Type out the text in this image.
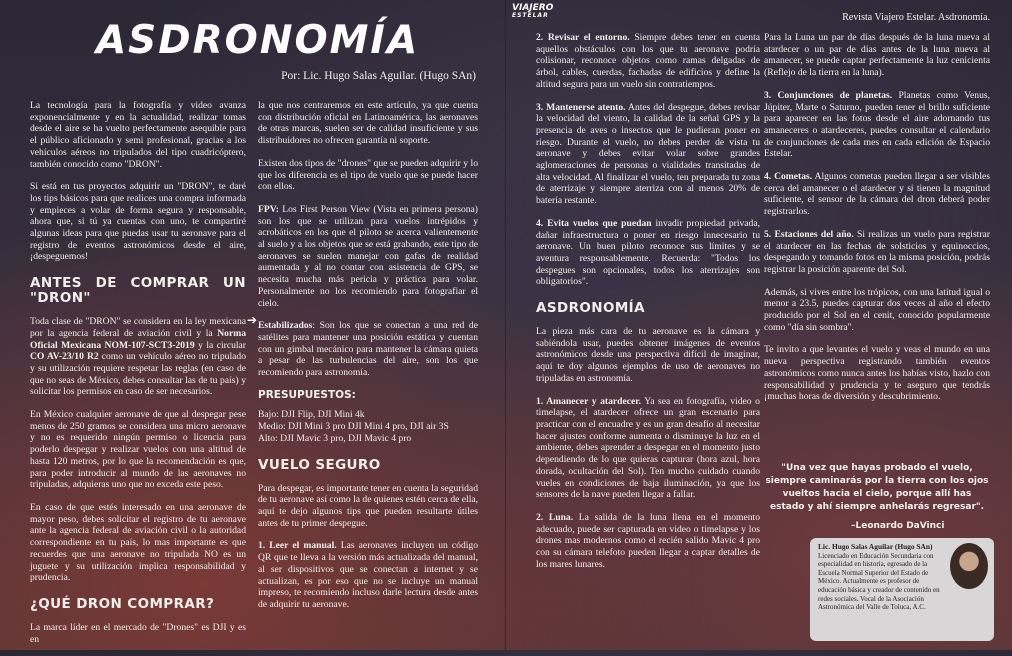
ASDRONOMÍA
Por: Lic. Hugo Salas Aguilar. (Hugo SAn)

La tecnología para la fotografía y video avanza exponencialmente y en la actualidad, realizar tomas desde el aire se ha vuelto perfectamente asequible para el público aficionado y semi profesional, gracias a los vehículos aéreos no tripulados del tipo cuadricóptero, también conocido como "DRON".

Si está en tus proyectos adquirir un "DRON", te daré los tips básicos para que realices una compra informada y empieces a volar de forma segura y responsable, ahora que, si tú ya cuentas con uno, te compartiré algunas ideas para que puedas usar tu aeronave para el registro de eventos astronómicos desde el aire, ¡despeguemos!

ANTES DE COMPRAR UN "DRON"

Toda clase de "DRON" se considera en la ley mexicana por la agencia federal de aviación civil y la Norma Oficial Mexicana NOM-107-SCT3-2019 y la circular CO AV-23/10 R2 como un vehículo aéreo no tripulado y su utilización requiere respetar las reglas (en caso de que no seas de México, debes consultar las de tu país) y solicitar los permisos en caso de ser necesarios.

En México cualquier aeronave de que al despegar pese menos de 250 gramos se considera una micro aeronave y no es requerido ningún permiso o licencia para poderlo despegar y realizar vuelos con una altitud de hasta 120 metros, por lo que la recomendación es que, para poder introducir al mundo de las aeronaves no tripuladas, adquieras uno que no exceda este peso.

En caso de que estés interesado en una aeronave de mayor peso, debes solicitar el registro de tu aeronave ante la agencia federal de aviación civil o la autoridad correspondiente en tu país, lo mas importante es que recuerdes que una aeronave no tripulada NO es un juguete y su utilización implica responsabilidad y prudencia.

¿QUÉ DRON COMPRAR?

La marca líder en el mercado de "Drones" es DJI y es en

➔

la que nos centraremos en este artículo, ya que cuenta con distribución oficial en Latinoamérica, las aeronaves de otras marcas, suelen ser de calidad insuficiente y sus distribuidores no ofrecen garantía ni soporte.

Existen dos tipos de "drones" que se pueden adquirir y lo que los diferencia es el tipo de vuelo que se puede hacer con ellos.

FPV: Los First Person View (Vista en primera persona) son los que se utilizan para vuelos intrépidos y acrobáticos en los que el piloto se acerca valientemente al suelo y a los objetos que se está grabando, este tipo de aeronaves se suelen manejar con gafas de realidad aumentada y al no contar con asistencia de GPS, se necesita mucha más pericia y práctica para volar. Personalmente no los recomiendo para fotografiar el cielo.

Estabilizados: Son los que se conectan a una red de satélites para mantener una posición estática y cuentan con un gimbal mecánico para mantener la cámara quieta a pesar de las turbulencias del aire, son los que recomiendo para astronomía.

PRESUPUESTOS:
Bajo: DJI Flip, DJI Mini 4k
Medio: DJI Mini 3 pro DJI Mini 4 pro, DJI air 3S
Alto: DJI Mavic 3 pro, DJI Mavic 4 pro
VUELO SEGURO

Para despegar, es importante tener en cuenta la seguridad de tu aeronave así como la de quienes estén cerca de ella, aquí te dejo algunos tips que pueden resultarte útiles antes de tu primer despegue.

1. Leer el manual. Las aeronaves incluyen un código QR que te lleva a la versión más actualizada del manual, al ser dispositivos que se conectan a internet y se actualizan, es por eso que no se incluye un manual impreso, te recomiendo incluso darle lectura desde antes de adquirir tu aeronave.

VIAJERO
ESTELAR	Revista Viajero Estelar. Asdronomía.

2. Revisar el entorno. Siempre debes tener en cuenta aquellos obstáculos con los que tu aeronave podría colisionar, reconoce objetos como ramas delgadas de árbol, cables, cuerdas, fachadas de edificios y define la altitud segura para un vuelo sin contratiempos.

3. Mantenerse atento. Antes del despegue, debes revisar la velocidad del viento, la calidad de la señal GPS y la presencia de aves o insectos que le pudieran poner en riesgo. Durante el vuelo, no debes perder de vista tu aeronave y debes evitar volar sobre grandes aglomeraciones de personas o vialidades transitadas de alta velocidad. Al finalizar el vuelo, ten preparada tu zona de aterrizaje y siempre aterriza con al menos 20% de batería restante.

4. Evita vuelos que puedan invadir propiedad privada, dañar infraestructura o poner en riesgo innecesario tu aeronave. Un buen piloto reconoce sus límites y se aventura responsablemente. Recuerda: "Todos los despegues son opcionales, todos los aterrizajes son obligatorios".

ASDRONOMÍA

La pieza más cara de tu aeronave es la cámara y sabiéndola usar, puedes obtener imágenes de eventos astronómicos desde una perspectiva difícil de imaginar, aquí te doy algunos ejemplos de uso de aeronaves no tripuladas en astronomía.

1. Amanecer y atardecer. Ya sea en fotografía, video o timelapse, el atardecer ofrece un gran escenario para practicar con el encuadre y es un gran desafío al necesitar hacer ajustes conforme aumenta o disminuye la luz en el ambiente, debes aprender a despegar en el momento justo dependiendo de lo que quieras capturar (hora azul, hora dorada, ocultación del Sol). Ten mucho cuidado cuando vueles en condiciones de baja iluminación, ya que los sensores de la nave pueden llegar a fallar.

2. Luna. La salida de la luna llena en el momento adecuado, puede ser capturada en video o timelapse y los drones mas modernos como el recién salido Mavic 4 pro con su cámara telefoto pueden llegar a captar detalles de los mares lunares.

Para la Luna un par de días después de la luna nueva al atardecer o un par de días antes de la luna nueva al amanecer, se puede captar perfectamente la luz cenicienta (Reflejo de la tierra en la luna).

3. Conjunciones de planetas. Planetas como Venus, Júpiter, Marte o Saturno, pueden tener el brillo suficiente para aparecer en las fotos desde el aire adornando tus amaneceres o atardeceres, puedes consultar el calendario de conjunciones de cada mes en cada edición de Espacio Estelar.

4. Cometas. Algunos cometas pueden llegar a ser visibles cerca del amanecer o el atardecer y si tienen la magnitud suficiente, el sensor de la cámara del dron deberá poder registrarlos.

5. Estaciones del año. Si realizas un vuelo para registrar el atardecer en las fechas de solsticios y equinoccios, despegando y tomando fotos en la misma posición, podrás registrar la posición aparente del Sol.

Además, si vives entre los trópicos, con una latitud igual o menor a 23.5, puedes capturar dos veces al año el efecto producido por el Sol en el cenit, conocido popularmente como "día sin sombra".

Te invito a que levantes el vuelo y veas el mundo en una nueva perspectiva registrando también eventos astronómicos como nunca antes los habías visto, hazlo con responsabilidad y prudencia y te aseguro que tendrás ¡muchas horas de diversión y descubrimiento.

"Una vez que hayas probado el vuelo, siempre caminarás por la tierra con los ojos vueltos hacia el cielo, porque allí has estado y ahí siempre anhelarás regresar".
–Leonardo DaVinci
Lic. Hugo Salas Aguilar (Hugo SAn)
Licenciado en Educación Secundaria con especialidad en historia, egresado de la Escuela Normal Superior del Estado de México. Actualmente es profesor de educación básica y creador de contenido en redes sociales. Vocal de la Asociación Astronómica del Valle de Toluca, A.C.
